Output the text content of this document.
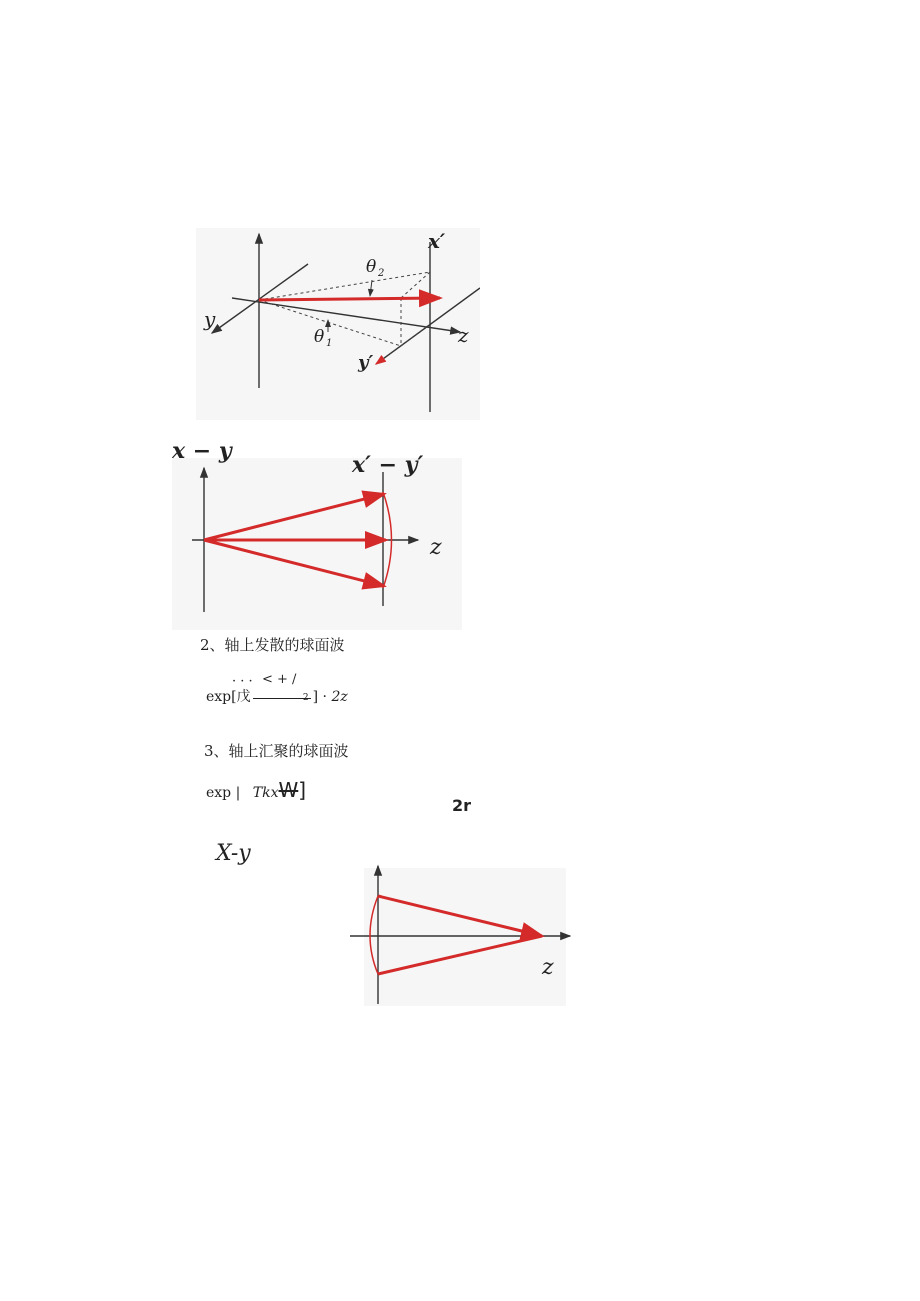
x′
y
y′
z
θ 2
θ 1
x − y
x′ − y′
z
2、轴上发散的球面波
exp[戊	2 ] · 2z
· · · < + /
3、轴上汇聚的球面波
exp | TkxW]
2r
X-y
z
